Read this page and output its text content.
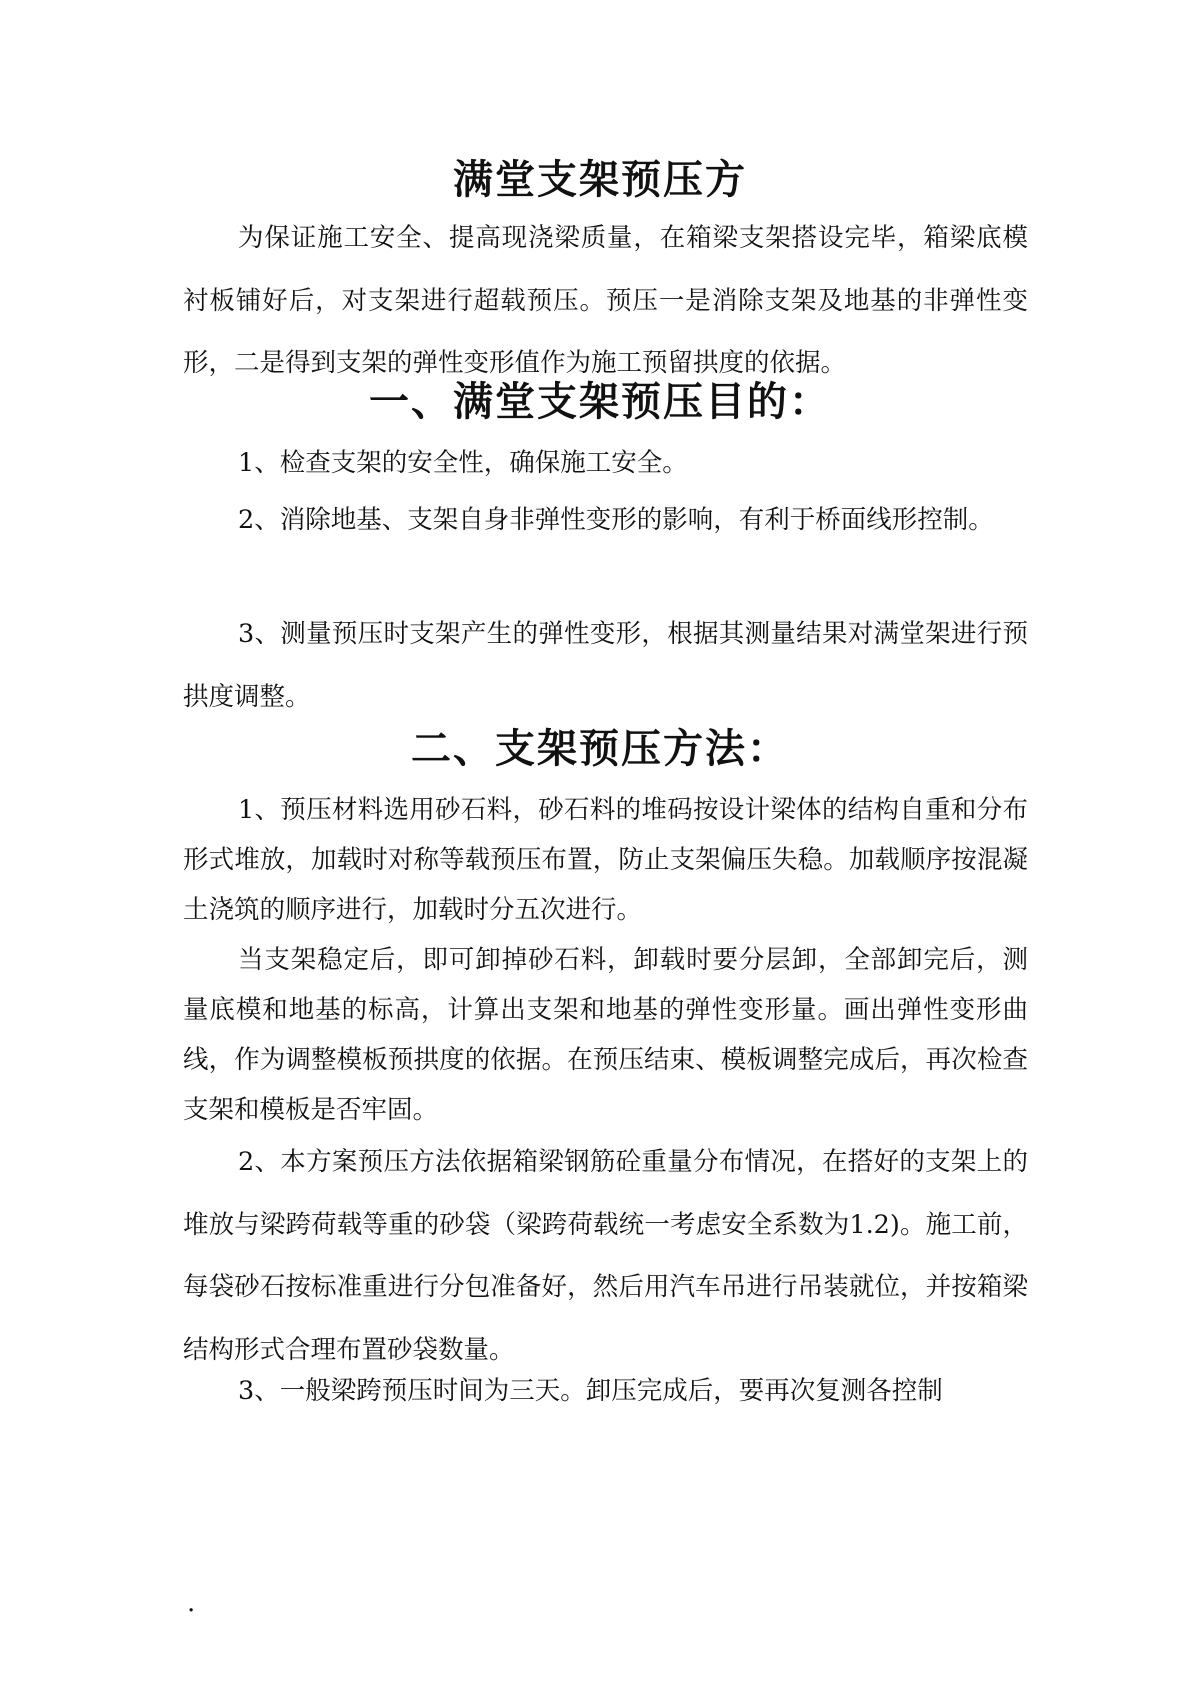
满堂支架预压方

为保证施工安全、提高现浇梁质量，在箱梁支架搭设完毕，箱梁底模衬板铺好后，对支架进行超载预压。预压一是消除支架及地基的非弹性变形，二是得到支架的弹性变形值作为施工预留拱度的依据。

一、满堂支架预压目的：

1、检查支架的安全性，确保施工安全。

2、消除地基、支架自身非弹性变形的影响，有利于桥面线形控制。

3、测量预压时支架产生的弹性变形，根据其测量结果对满堂架进行预拱度调整。

二、支架预压方法：

1、预压材料选用砂石料，砂石料的堆码按设计梁体的结构自重和分布形式堆放，加载时对称等载预压布置，防止支架偏压失稳。加载顺序按混凝土浇筑的顺序进行，加载时分五次进行。

当支架稳定后，即可卸掉砂石料，卸载时要分层卸，全部卸完后，测量底模和地基的标高，计算出支架和地基的弹性变形量。画出弹性变形曲线，作为调整模板预拱度的依据。在预压结束、模板调整完成后，再次检查支架和模板是否牢固。

2、本方案预压方法依据箱梁钢筋砼重量分布情况，在搭好的支架上的堆放与梁跨荷载等重的砂袋（梁跨荷载统一考虑安全系数为1.2)。施工前，每袋砂石按标准重进行分包准备好，然后用汽车吊进行吊装就位，并按箱梁结构形式合理布置砂袋数量。

3、一般梁跨预压时间为三天。卸压完成后，要再次复测各控制

.
